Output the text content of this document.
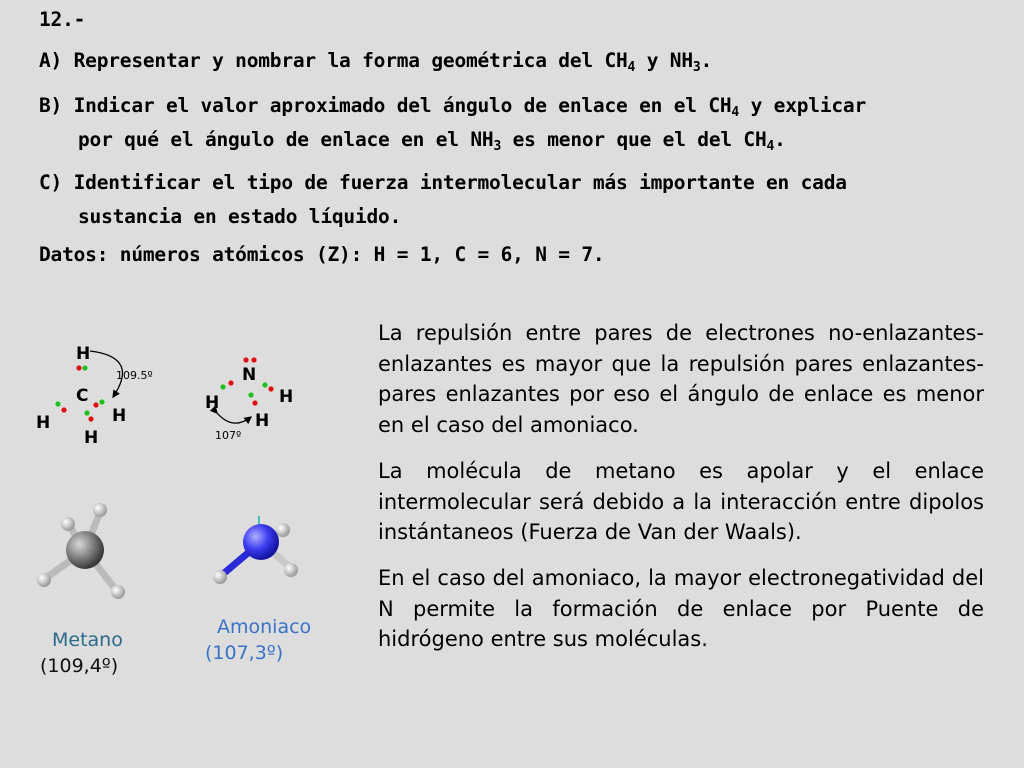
12.-
A) Representar y nombrar la forma geométrica del $CH_4$ y $NH_3$.
B) Indicar el valor aproximado del ángulo de enlace en el $CH_4$ y explicar
por qué el ángulo de enlace en el $NH_3$ es menor que el del $CH_4$.
C) Identificar el tipo de fuerza intermolecular más importante en cada
sustancia en estado líquido.
Datos: números atómicos (Z): H = 1, C = 6, N = 7.
La repulsión entre pares de electrones no-enlazantes-enlazantes es mayor que la repulsión pares enlazantes-pares enlazantes por eso el ángulo de enlace es menor en el caso del amoniaco.
La molécula de metano es apolar y el enlace intermolecular será debido a la interacción entre dipolos instántaneos (Fuerza de Van der Waals).
En el caso del amoniaco, la mayor electronegatividad del N permite la formación de enlace por Puente de hidrógeno entre sus moléculas.
H
C
H	H
H
109.5º	N
H	H
H
107º
Metano
(109,4º)
Amoniaco
(107,3º)
